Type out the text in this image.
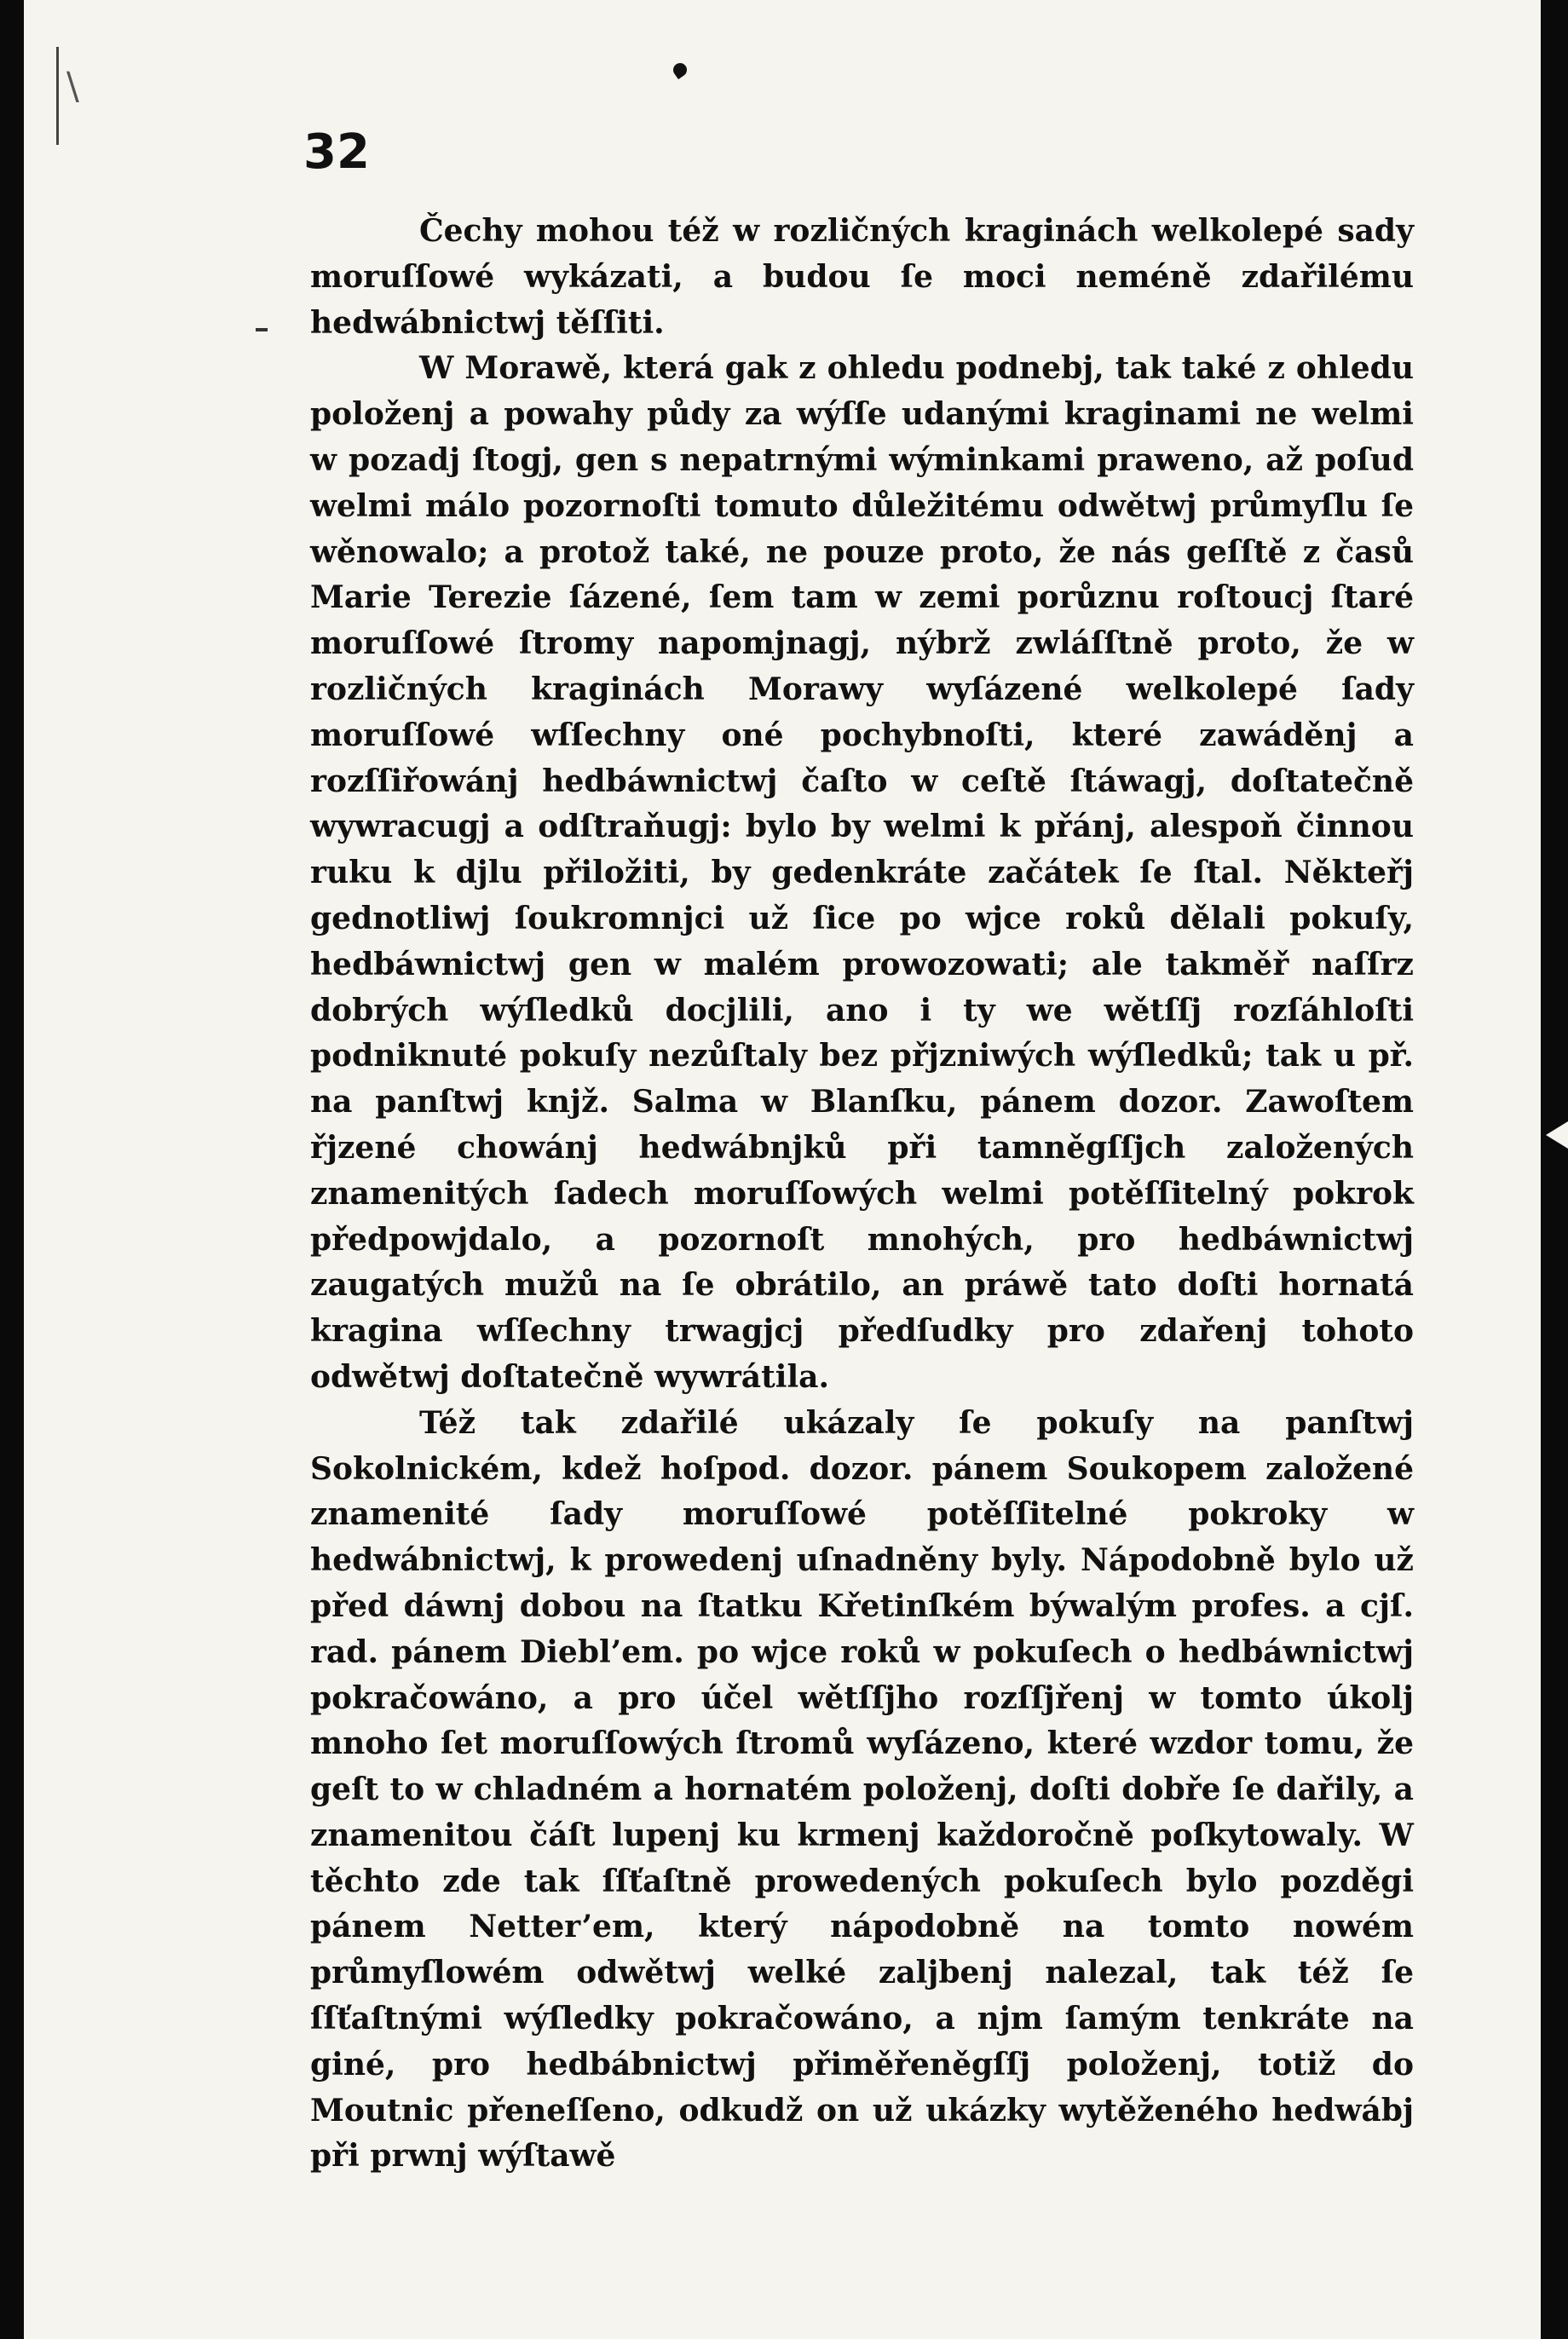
\
32

Čechy mohou též w rozličných kraginách welkolepé sady moruſſowé wykázati, a budou ſe moci neméně zdařilému hedwábnictwj těſſiti.

W Morawě, která gak z ohledu podnebj, tak také z ohledu položenj a powahy půdy za wýſſe udanými kraginami ne welmi w pozadj ſtogj, gen s nepatrnými wýminkami praweno, až poſud welmi málo pozornoſti tomuto důležitému odwětwj průmyſlu ſe wěnowalo; a protož také, ne pouze proto, že nás geſſtě z časů Marie Terezie ſázené, ſem tam w zemi porůznu roſtoucj ſtaré moruſſowé ſtromy napomjnagj, nýbrž zwláſſtně proto, že w rozličných kraginách Morawy wyſázené welkolepé ſady moruſſowé wſſechny oné pochybnoſti, které zawáděnj a rozſſiřowánj hedbáwnictwj čaſto w ceſtě ſtáwagj, doſtatečně wywracugj a odſtraňugj: bylo by welmi k přánj, alespoň činnou ruku k djlu přiložiti, by gedenkráte začátek ſe ſtal. Někteřj gednotliwj ſoukromnjci už ſice po wjce roků dělali pokuſy, hedbáwnictwj gen w malém prowozowati; ale takměř naſſrz dobrých wýſledků docjlili, ano i ty we wětſſj rozſáhloſti podniknuté pokuſy nezůſtaly bez přjzniwých wýſledků; tak u př. na panſtwj knjž. Salma w Blanſku, pánem dozor. Zawoſtem řjzené chowánj hedwábnjků při tamněgſſjch založených znamenitých ſadech moruſſowých welmi potěſſitelný pokrok předpowjdalo, a pozornoſt mnohých, pro hedbáwnictwj zaugatých mužů na ſe obrátilo, an práwě tato doſti hornatá kragina wſſechny trwagjcj předſudky pro zdařenj tohoto odwětwj doſtatečně wywrátila.

Též tak zdařilé ukázaly ſe pokuſy na panſtwj Sokolnickém, kdež hoſpod. dozor. pánem Soukopem založené znamenité ſady moruſſowé potěſſitelné pokroky w hedwábnictwj, k prowedenj uſnadněny byly. Nápodobně bylo už před dáwnj dobou na ſtatku Křetinſkém býwalým profes. a cjſ. rad. pánem Diebl’em. po wjce roků w pokuſech o hedbáwnictwj pokračowáno, a pro účel wětſſjho rozſſjřenj w tomto úkolj mnoho ſet moruſſowých ſtromů wyſázeno, které wzdor tomu, že geſt to w chladném a hornatém položenj, doſti dobře ſe dařily, a znamenitou čáſt lupenj ku krmenj každoročně poſkytowaly. W těchto zde tak ſſťaſtně prowedených pokuſech bylo pozděgi pánem Netter’em, který nápodobně na tomto nowém průmyſlowém odwětwj welké zaljbenj nalezal, tak též ſe ſſťaſtnými wýſledky pokračowáno, a njm ſamým tenkráte na giné, pro hedbábnictwj přiměřeněgſſj položenj, totiž do Moutnic přeneſſeno, odkudž on už ukázky wytěženého hedwábj při prwnj wýſtawě
